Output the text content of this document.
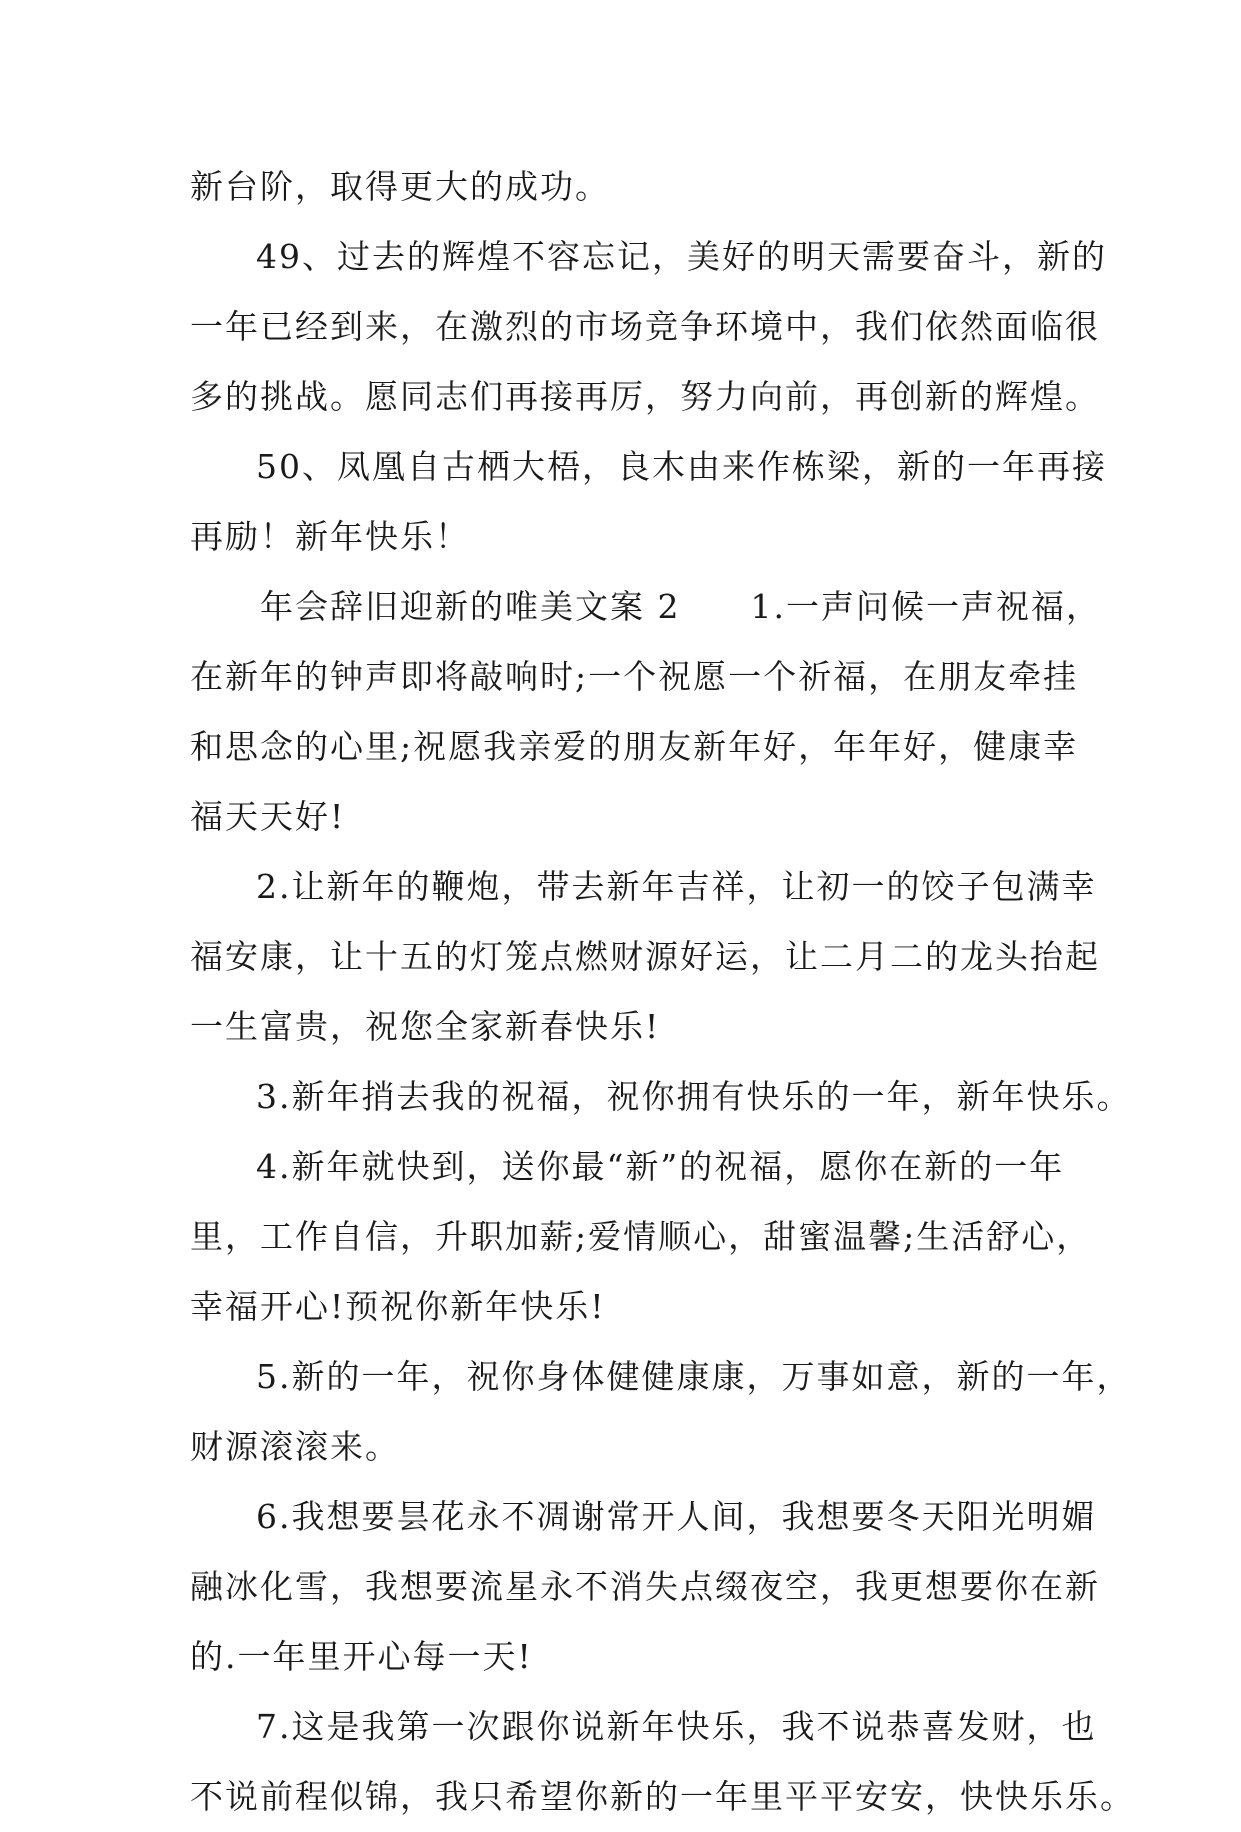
新台阶，取得更大的成功。
49、过去的辉煌不容忘记，美好的明天需要奋斗，新的
一年已经到来，在激烈的市场竞争环境中，我们依然面临很
多的挑战。愿同志们再接再厉，努力向前，再创新的辉煌。
50、凤凰自古栖大梧，良木由来作栋梁，新的一年再接
再励！新年快乐！
年会辞旧迎新的唯美文案 2　　1.一声问候一声祝福，
在新年的钟声即将敲响时;一个祝愿一个祈福，在朋友牵挂
和思念的心里;祝愿我亲爱的朋友新年好，年年好，健康幸
福天天好!
2.让新年的鞭炮，带去新年吉祥，让初一的饺子包满幸
福安康，让十五的灯笼点燃财源好运，让二月二的龙头抬起
一生富贵，祝您全家新春快乐!
3.新年捎去我的祝福，祝你拥有快乐的一年，新年快乐。
4.新年就快到，送你最“新”的祝福，愿你在新的一年
里，工作自信，升职加薪;爱情顺心，甜蜜温馨;生活舒心，
幸福开心!预祝你新年快乐!
5.新的一年，祝你身体健健康康，万事如意，新的一年，
财源滚滚来。
6.我想要昙花永不凋谢常开人间，我想要冬天阳光明媚
融冰化雪，我想要流星永不消失点缀夜空，我更想要你在新
的.一年里开心每一天!
7.这是我第一次跟你说新年快乐，我不说恭喜发财，也
不说前程似锦，我只希望你新的一年里平平安安，快快乐乐。
